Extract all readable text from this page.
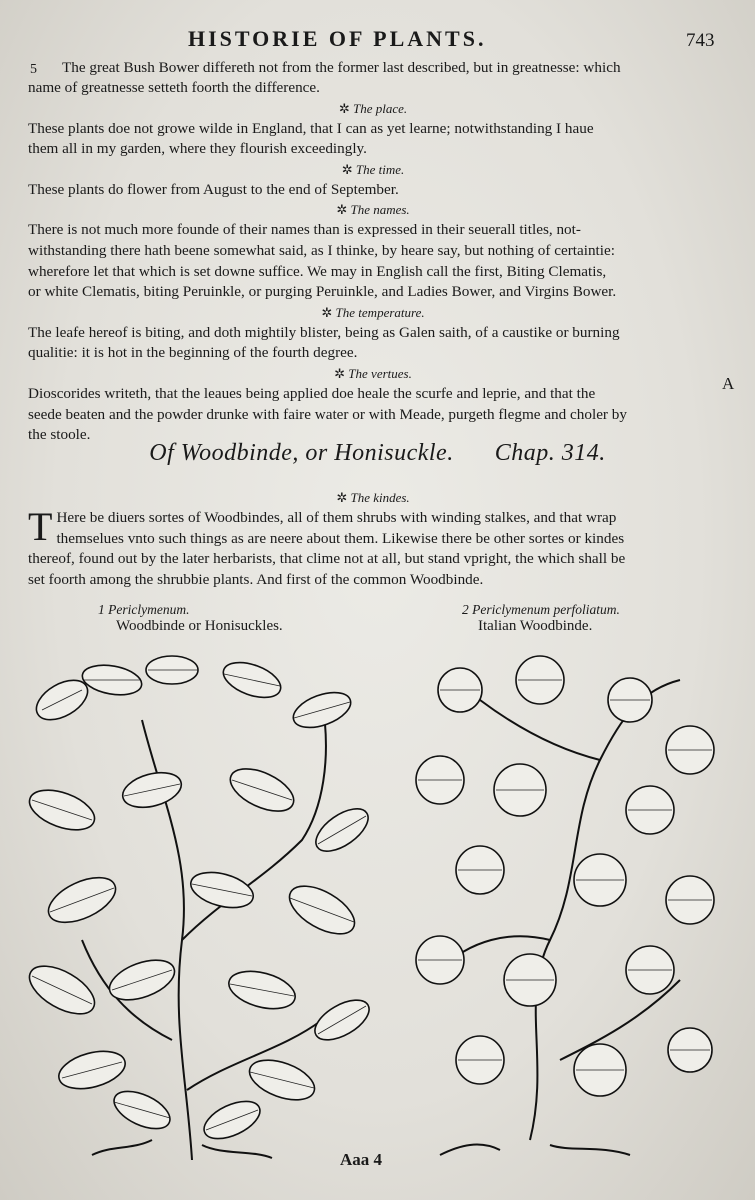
HISTORIE OF PLANTS.	743
5 The great Bush Bower differeth not from the former last described, but in greatnesse: which

name of greatnesse setteth foorth the difference.

✲ The place.

These plants doe not growe wilde in England, that I can as yet learne; notwithstanding I haue

them all in my garden, where they flourish exceedingly.

✲ The time.

These plants do flower from August to the end of September.

✲ The names.

There is not much more founde of their names than is expressed in their seuerall titles, not-

withstanding there hath beene somewhat said, as I thinke, by heare say, but nothing of certaintie:

wherefore let that which is set downe suffice. We may in English call the first, Biting Clematis,

or white Clematis, biting Peruinkle, or purging Peruinkle, and Ladies Bower, and Virgins Bower.

✲ The temperature.

The leafe hereof is biting, and doth mightily blister, being as Galen saith, of a caustike or burning

qualitie: it is hot in the beginning of the fourth degree.

✲ The vertues.

Dioscorides writeth, that the leaues being applied doe heale the scurfe and leprie, and that the

seede beaten and the powder drunke with faire water or with Meade, purgeth flegme and choler by

the stoole.

A
Of Woodbinde, or Honisuckle. Chap. 314.

✲ The kindes.

T Here be diuers sortes of Woodbindes, all of them shrubs with winding stalkes, and that wrap

themselues vnto such things as are neere about them. Likewise there be other sortes or kindes

thereof, found out by the later herbarists, that clime not at all, but stand vpright, the which shall be

set foorth among the shrubbie plants. And first of the common Woodbinde.

1 Periclymenum.
Woodbinde or Honisuckles.
2 Periclymenum perfoliatum.
Italian Woodbinde.
Aaa 4
